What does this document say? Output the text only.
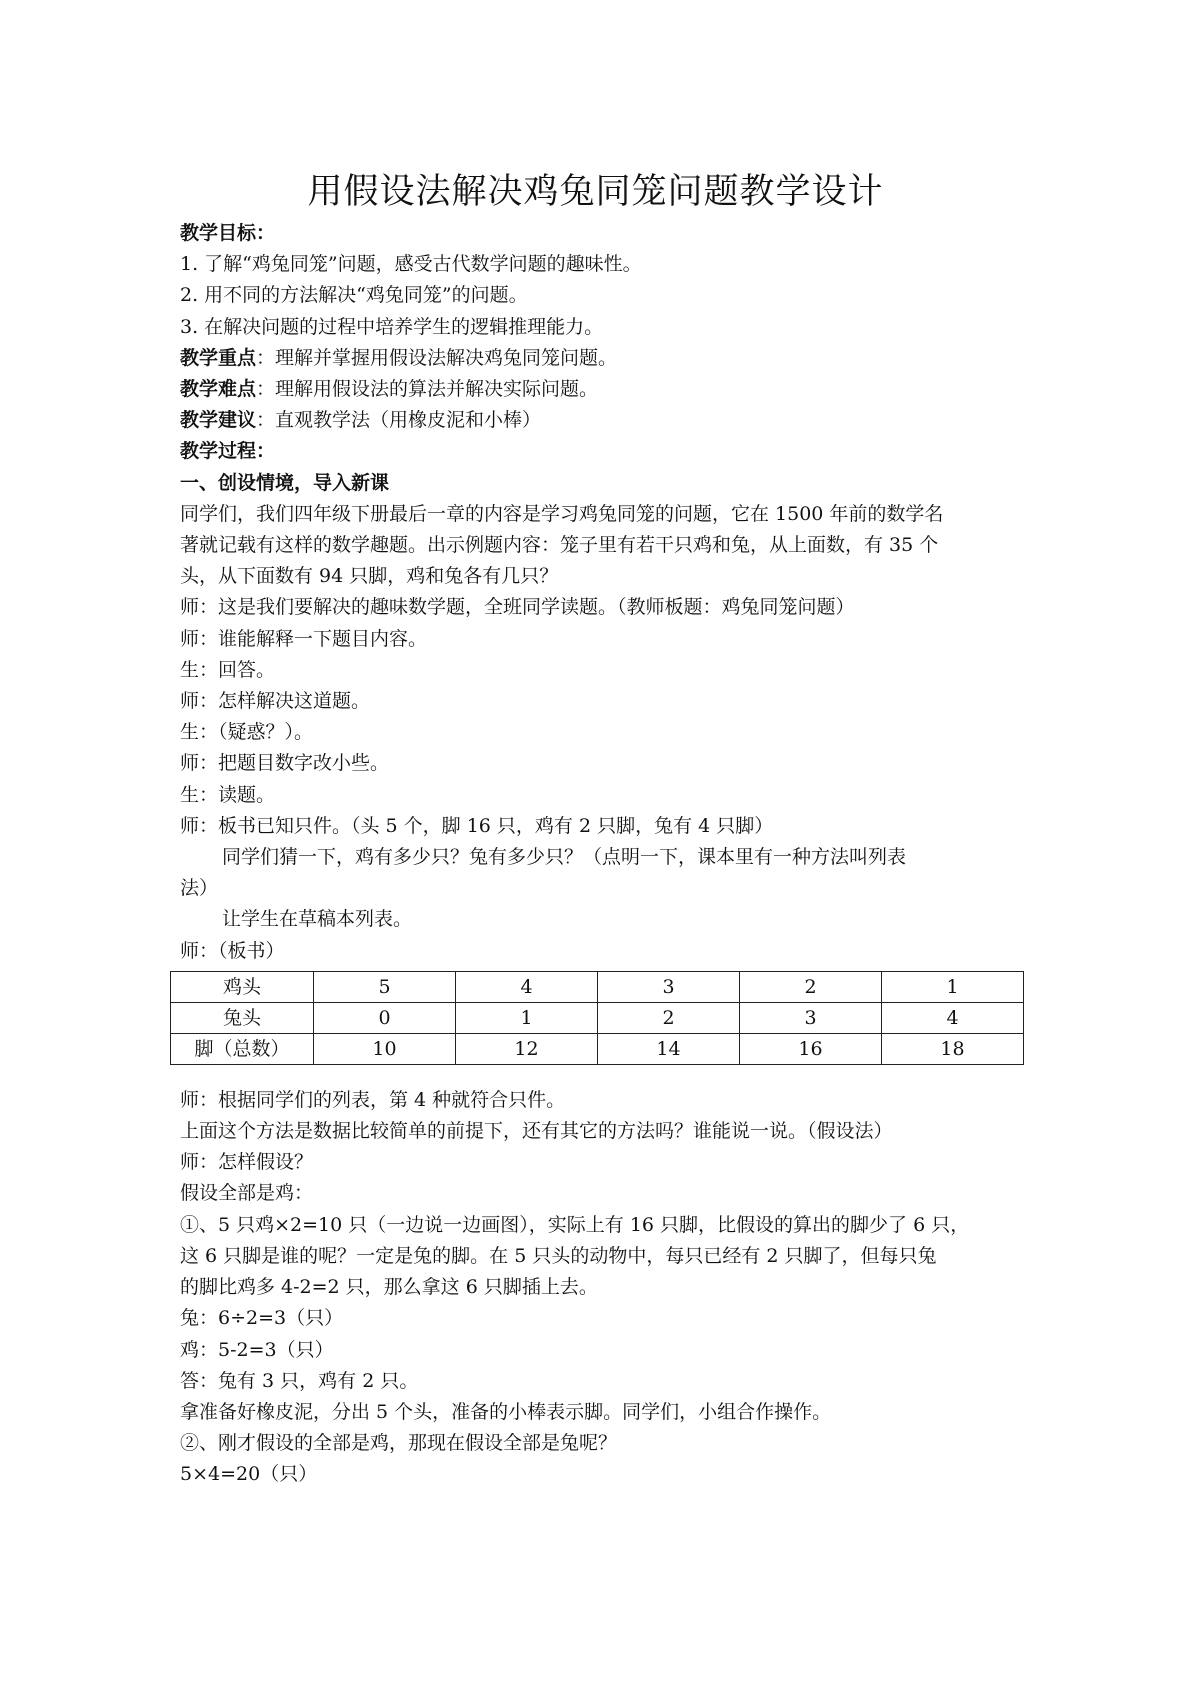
用假设法解决鸡兔同笼问题教学设计
教学目标：
1. 了解“鸡兔同笼”问题，感受古代数学问题的趣味性。
2. 用不同的方法解决“鸡兔同笼”的问题。
3. 在解决问题的过程中培养学生的逻辑推理能力。
教学重点：理解并掌握用假设法解决鸡兔同笼问题。
教学难点：理解用假设法的算法并解决实际问题。
教学建议：直观教学法（用橡皮泥和小棒）
教学过程：
一、创设情境，导入新课
同学们，我们四年级下册最后一章的内容是学习鸡兔同笼的问题，它在 1500 年前的数学名
著就记载有这样的数学趣题。出示例题内容：笼子里有若干只鸡和兔，从上面数，有 35 个
头，从下面数有 94 只脚，鸡和兔各有几只？
师：这是我们要解决的趣味数学题，全班同学读题。（教师板题：鸡兔同笼问题）
师：谁能解释一下题目内容。
生：回答。
师：怎样解决这道题。
生：（疑惑？）。
师：把题目数字改小些。
生：读题。
师：板书已知只件。（头 5 个，脚 16 只，鸡有 2 只脚，兔有 4 只脚）
同学们猜一下，鸡有多少只？兔有多少只？（点明一下，课本里有一种方法叫列表
法）
让学生在草稿本列表。
师：（板书）
鸡头	5	4	3	2	1
兔头	0	1	2	3	4
脚（总数）	10	12	14	16	18
师：根据同学们的列表，第 4 种就符合只件。
上面这个方法是数据比较简单的前提下，还有其它的方法吗？谁能说一说。（假设法）
师：怎样假设？
假设全部是鸡：
①、5 只鸡×2=10 只（一边说一边画图），实际上有 16 只脚，比假设的算出的脚少了 6 只，
这 6 只脚是谁的呢？一定是兔的脚。在 5 只头的动物中，每只已经有 2 只脚了，但每只兔
的脚比鸡多 4-2=2 只，那么拿这 6 只脚插上去。
兔：6÷2=3（只）
鸡：5-2=3（只）
答：兔有 3 只，鸡有 2 只。
拿准备好橡皮泥，分出 5 个头，准备的小棒表示脚。同学们，小组合作操作。
②、刚才假设的全部是鸡，那现在假设全部是兔呢？
5×4=20（只）
